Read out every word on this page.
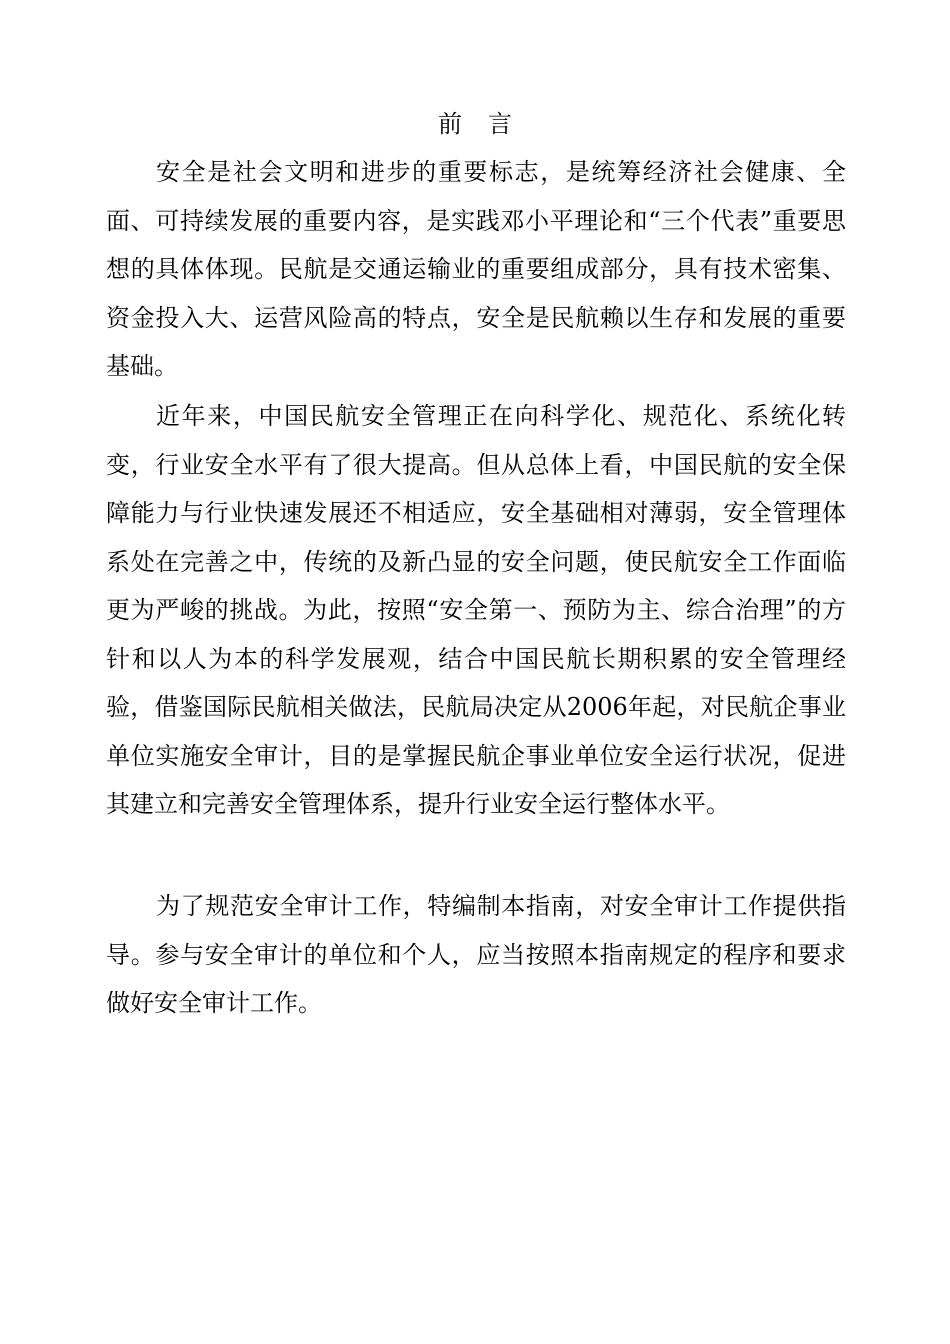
前言

安全是社会文明和进步的重要标志，是统筹经济社会健康、全面、可持续发展的重要内容，是实践邓小平理论和“三个代表”重要思想的具体体现。民航是交通运输业的重要组成部分，具有技术密集、资金投入大、运营风险高的特点，安全是民航赖以生存和发展的重要基础。

近年来，中国民航安全管理正在向科学化、规范化、系统化转变，行业安全水平有了很大提高。但从总体上看，中国民航的安全保障能力与行业快速发展还不相适应，安全基础相对薄弱，安全管理体系处在完善之中，传统的及新凸显的安全问题，使民航安全工作面临更为严峻的挑战。为此，按照“安全第一、预防为主、综合治理”的方针和以人为本的科学发展观，结合中国民航长期积累的安全管理经验，借鉴国际民航相关做法，民航局决定从2006年起，对民航企事业单位实施安全审计，目的是掌握民航企事业单位安全运行状况，促进其建立和完善安全管理体系，提升行业安全运行整体水平。

为了规范安全审计工作，特编制本指南，对安全审计工作提供指导。参与安全审计的单位和个人，应当按照本指南规定的程序和要求做好安全审计工作。
